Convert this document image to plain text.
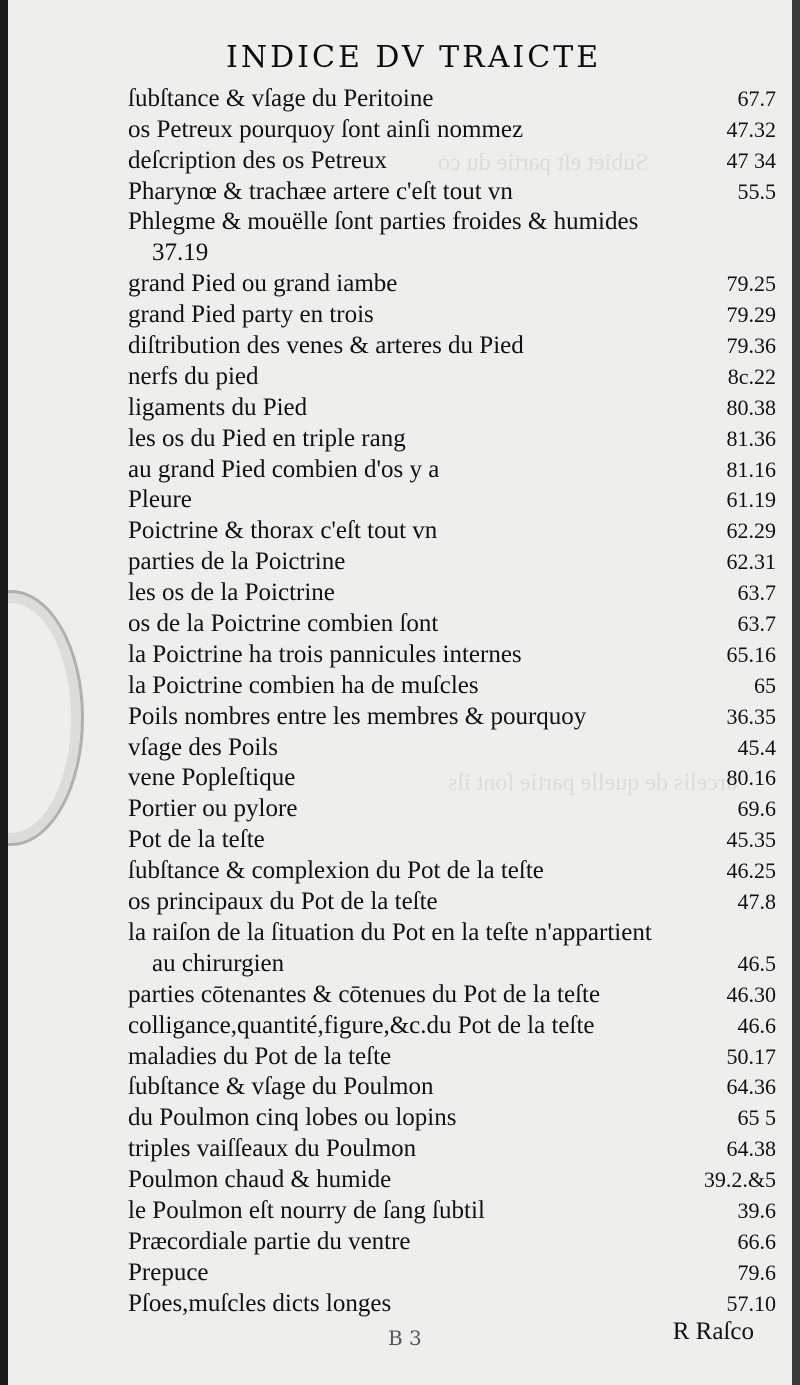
Subiet eſt partie du co
arcelis de quelle partie ſont ils
INDICE DV TRAICTE
ſubſtance & vſage du Peritoine	67.7
os Petreux pourquoy ſont ainſi nommez	47.32
deſcription des os Petreux	47 34
Pharynœ & trachæe artere c'eſt tout vn	55.5
Phlegme & mouëlle ſont parties froides & humides
37.19
grand Pied ou grand iambe	79.25
grand Pied party en trois	79.29
diſtribution des venes & arteres du Pied	79.36
nerfs du pied	8c.22
ligaments du Pied	80.38
les os du Pied en triple rang	81.36
au grand Pied combien d'os y a	81.16
Pleure	61.19
Poictrine & thorax c'eſt tout vn	62.29
parties de la Poictrine	62.31
les os de la Poictrine	63.7
os de la Poictrine combien ſont	63.7
la Poictrine ha trois pannicules internes	65.16
la Poictrine combien ha de muſcles	65
Poils nombres entre les membres & pourquoy	36.35
vſage des Poils	45.4
vene Popleſtique	80.16
Portier ou pylore	69.6
Pot de la teſte	45.35
ſubſtance & complexion du Pot de la teſte	46.25
os principaux du Pot de la teſte	47.8
la raiſon de la ſituation du Pot en la teſte n'appartient
au chirurgien	46.5
parties cōtenantes & cōtenues du Pot de la teſte	46.30
colligance,quantité,figure,&c.du Pot de la teſte	46.6
maladies du Pot de la teſte	50.17
ſubſtance & vſage du Poulmon	64.36
du Poulmon cinq lobes ou lopins	65 5
triples vaiſſeaux du Poulmon	64.38
Poulmon chaud & humide	39.2.&5
le Poulmon eſt nourry de ſang ſubtil	39.6
Præcordiale partie du ventre	66.6
Prepuce	79.6
Pſoes,muſcles dicts longes	57.10
B 3	R Raſco
